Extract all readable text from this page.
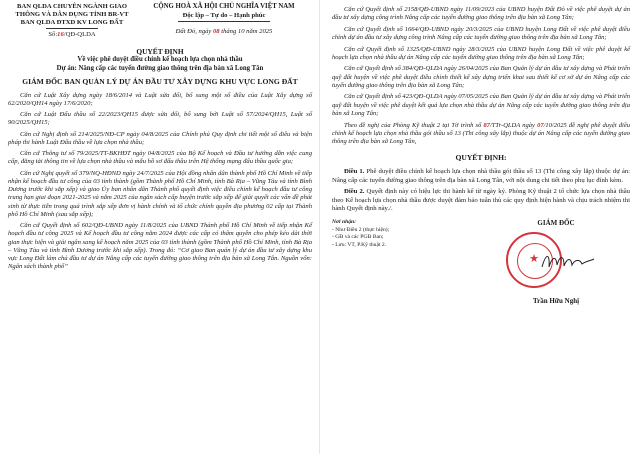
BAN QLDA CHUYÊN NGÀNH GIAO
THÔNG VÀ DÂN DỤNG TỈNH BR-VT
BAN QLDA ĐTXD KV LONG ĐẤT
Số:16/QĐ-QLDA
CỘNG HOÀ XÃ HỘI CHỦ NGHĨA VIỆT NAM
Độc lập – Tự do – Hạnh phúc
Đất Đỏ, ngày 08 tháng 10 năm 2025
QUYẾT ĐỊNH
Về việc phê duyệt điều chỉnh kế hoạch lựa chọn nhà thầu
Dự án: Nâng cấp các tuyến đường giao thông trên địa bàn xã Long Tân
GIÁM ĐỐC BAN QUẢN LÝ DỰ ÁN ĐẦU TƯ XÂY DỰNG KHU VỰC LONG ĐẤT

Căn cứ Luật Xây dựng ngày 18/6/2014 và Luật sửa đổi, bổ sung một số điều của Luật Xây dựng số 62/2020/QH14 ngày 17/6/2020;

Căn cứ Luật Đấu thầu số 22/2023/QH15 được sửa đổi, bổ sung bởi Luật số 57/2024/QH15, Luật số 90/2025/QH15;

Căn cứ Nghị định số 214/2025/NĐ-CP ngày 04/8/2025 của Chính phủ Quy định chi tiết một số điều và biện pháp thi hành Luật Đấu thầu về lựa chọn nhà thầu;

Căn cứ Thông tư số 79/2025/TT-BKHĐT ngày 04/8/2025 của Bộ Kế hoạch và Đầu tư hướng dẫn việc cung cấp, đăng tải thông tin về lựa chọn nhà thầu và mẫu hồ sơ đấu thầu trên Hệ thống mạng đấu thầu quốc gia;

Căn cứ Nghị quyết số 379/NQ-HĐND ngày 24/7/2025 của Hội đồng nhân dân thành phố Hồ Chí Minh về tiếp nhận kế hoạch đầu tư công của 03 tỉnh thành (gồm Thành phố Hồ Chí Minh, tỉnh Bà Rịa – Vũng Tàu và tỉnh Bình Dương trước khi sắp xếp) và giao Ủy ban nhân dân Thành phố quyết định việc điều chỉnh kế hoạch đầu tư công trung hạn giai đoạn 2021-2025 và năm 2025 của ngân sách cấp huyện trước sắp xếp để giải quyết các vấn đề phát sinh từ thực tiễn trong quá trình sắp xếp đơn vị hành chính và tổ chức chính quyền địa phương 02 cấp tại Thành phố Hồ Chí Minh (sau sắp xếp);

Căn cứ Quyết định số 602/QĐ-UBND ngày 11/8/2025 của UBND Thành phố Hồ Chí Minh về tiếp nhận Kế hoạch đầu tư công 2025 và Kế hoạch đầu tư công năm 2024 được các cấp có thẩm quyền cho phép kéo dài thời gian thực hiện và giải ngân sang kế hoạch năm 2025 của 03 tỉnh thành (gồm Thành phố Hồ Chí Minh, tỉnh Bà Rịa – Vũng Tàu và tỉnh Bình Dương trước khi sắp xếp). Trong đó: “Cơ giao Ban quản lý dự án đầu tư xây dựng khu vực Long Đất làm chủ đầu tư dự án Nâng cấp các tuyến đường giao thông trên địa bàn xã Long Tân. Nguồn vốn: Ngân sách thành phố”

Căn cứ Quyết định số 2158/QĐ-UBND ngày 11/09/2023 của UBND huyện Đất Đỏ về việc phê duyệt dự án đầu tư xây dựng công trình Nâng cấp các tuyến đường giao thông trên địa bàn xã Long Tân;

Căn cứ Quyết định số 1664/QĐ-UBND ngày 20/3/2025 của UBND huyện Long Đất về việc phê duyệt điều chỉnh dự án đầu tư xây dựng công trình Nâng cấp các tuyến đường giao thông trên địa bàn xã Long Tân;

Căn cứ Quyết định số 1325/QĐ-UBND ngày 28/3/2025 của UBND huyện Long Đất về việc phê duyệt kế hoạch lựa chọn nhà thầu dự án Nâng cấp các tuyến đường giao thông trên địa bàn xã Long Tân;

Căn cứ Quyết định số 384/QĐ-QLDA ngày 26/04/2025 của Ban Quản lý dự án đầu tư xây dựng và Phát triển quỹ đất huyện về việc phê duyệt điều chỉnh thiết kế xây dựng triển khai sau thiết kế cơ sở dự án Nâng cấp các tuyến đường giao thông trên địa bàn xã Long Tân;

Căn cứ Quyết định số 423/QĐ-QLDA ngày 07/05/2025 của Ban Quản lý dự án đầu tư xây dựng và Phát triển quỹ đất huyện về việc phê duyệt kết quả lựa chọn nhà thầu dự án Nâng cấp các tuyến đường giao thông trên địa bàn xã Long Tân;

Theo đề nghị của Phòng Kỹ thuật 2 tại Tờ trình số 87/TTr-QLDA ngày 07/10/2025 đề nghị phê duyệt điều chỉnh kế hoạch lựa chọn nhà thầu gói thầu số 13 (Thi công xây lắp) thuộc dự án Nâng cấp các tuyến đường giao thông trên địa bàn xã Long Tân,

QUYẾT ĐỊNH:

Điều 1. Phê duyệt điều chỉnh kế hoạch lựa chọn nhà thầu gói thầu số 13 (Thi công xây lắp) thuộc dự án: Nâng cấp các tuyến đường giao thông trên địa bàn xã Long Tân, với nội dung chi tiết theo phụ lục đính kèm.

Điều 2. Quyết định này có hiệu lực thi hành kể từ ngày ký. Phòng Kỹ thuật 2 tổ chức lựa chọn nhà thầu theo Kế hoạch lựa chọn nhà thầu được duyệt đảm bảo tuân thủ các quy định hiện hành và chịu trách nhiệm thi hành Quyết định này./.

Nơi nhận:
- Như Điều 2 (thực hiện);
- GĐ và các PGĐ Ban;
- Lưu: VT, P.Kỹ thuật 2.
GIÁM ĐỐC
★
Trần Hữu Nghị
